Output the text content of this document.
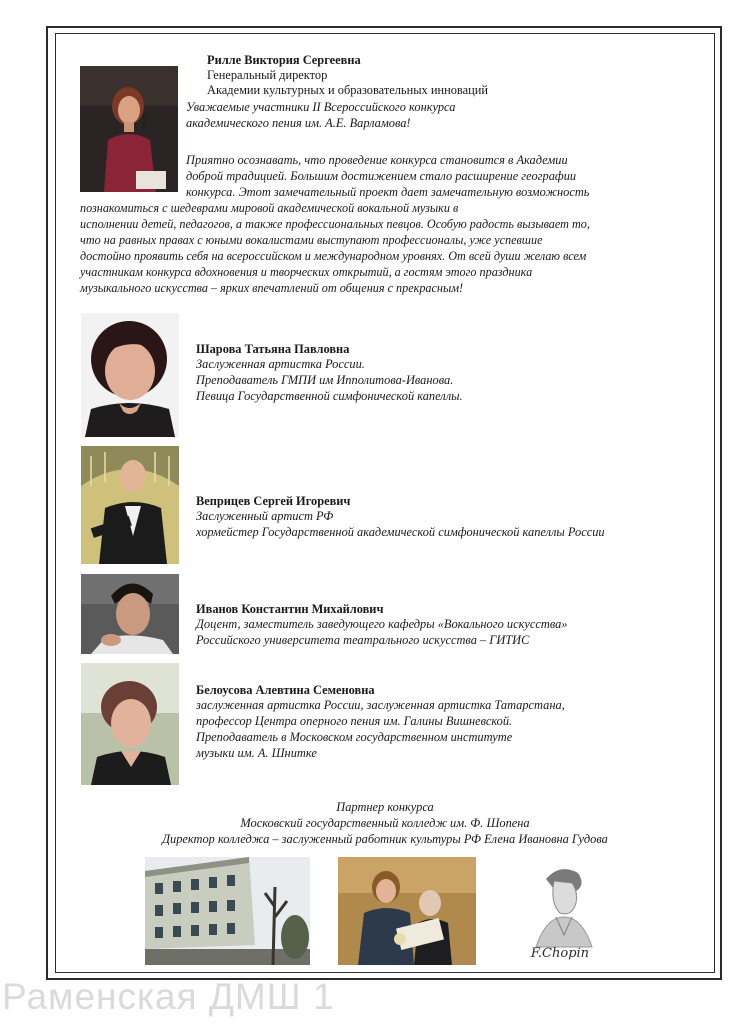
Рилле Виктория Сергеевна
Генеральный директор
Академии культурных и образовательных инноваций
Уважаемые участники II Всероссийского конкурса
академического пения им. А.Е. Варламова!
Приятно осознавать, что проведение конкурса становится в Академии
доброй традицией. Большим достижением стало расширение географии
конкурса. Этот замечательный проект дает замечательную возможность
познакомиться с шедеврами мировой академической вокальной музыки в
исполнении детей, педагогов, а также профессиональных певцов. Особую радость вызывает то,
что на равных правах с юными вокалистами выступают профессионалы, уже успевшие
достойно проявить себя на всероссийском и международном уровнях. От всей души желаю всем
участникам конкурса вдохновения и творческих открытий, а гостям этого праздника
музыкального искусства – ярких впечатлений от общения с прекрасным!
Шарова Татьяна Павловна
Заслуженная артистка России.
Преподаватель ГМПИ им Ипполитова-Иванова.
Певица Государственной симфонической капеллы.
Веприцев Сергей Игоревич
Заслуженный артист РФ
хормейстер Государственной академической симфонической капеллы России
Иванов Константин Михайлович
Доцент, заместитель заведующего кафедры «Вокального искусства»
Российского университета театрального искусства – ГИТИС
Белоусова Алевтина Семеновна
заслуженная артистка России, заслуженная артистка Татарстана,
профессор Центра оперного пения им. Галины Вишневской.
Преподаватель в Московском государственном институте
музыки им. А. Шнитке
Партнер конкурса
Московский государственный колледж им. Ф. Шопена
Директор колледжа – заслуженный работник культуры РФ Елена Ивановна Гудова
F.Chopin
Раменская ДМШ 1
